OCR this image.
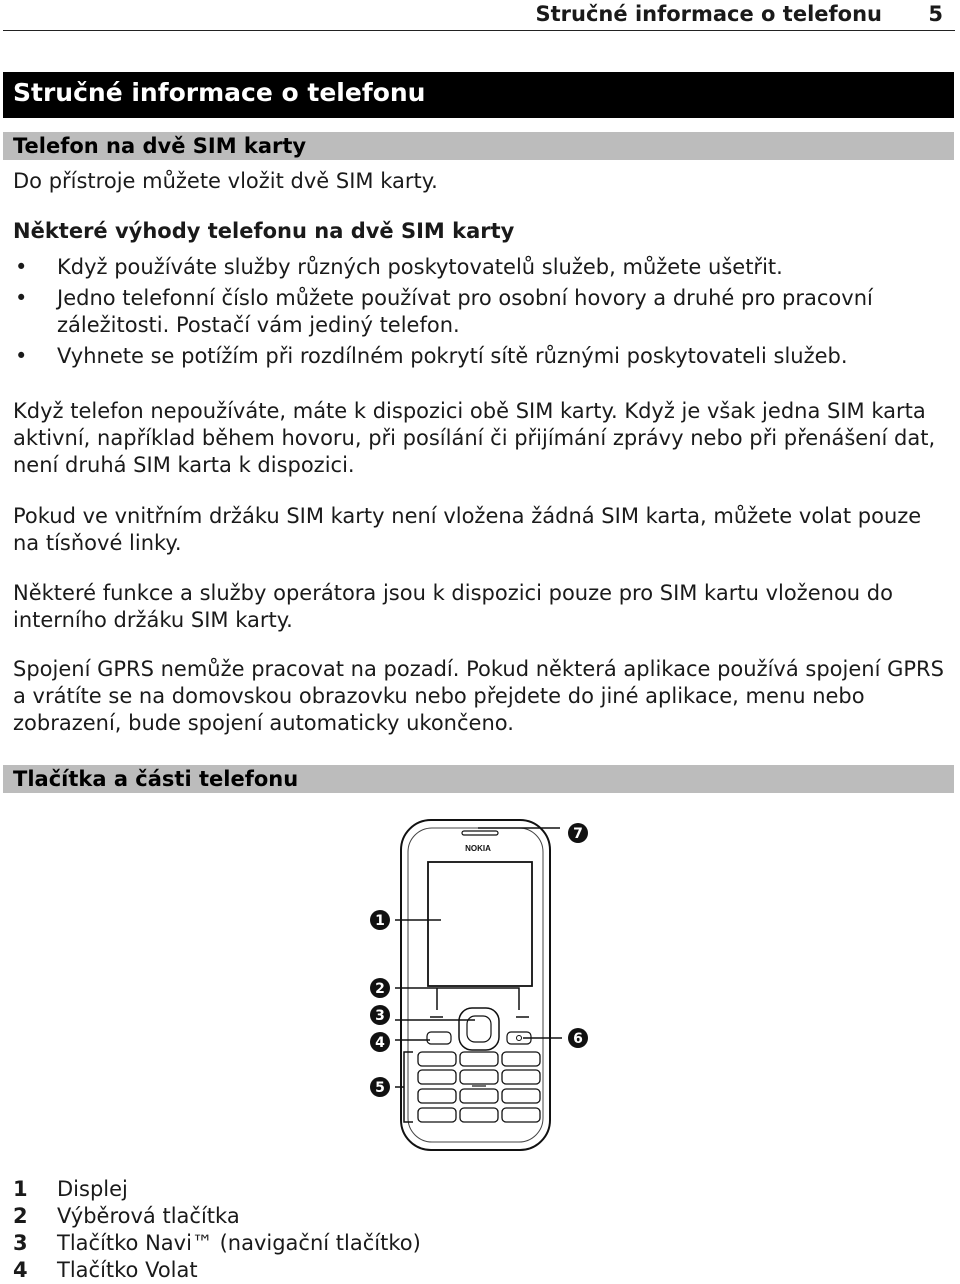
Stručné informace o telefonu 5
Stručné informace o telefonu
Telefon na dvě SIM karty

Do přístroje můžete vložit dvě SIM karty.

Některé výhody telefonu na dvě SIM karty

• Když používáte služby různých poskytovatelů služeb, můžete ušetřit.
• Jedno telefonní číslo můžete používat pro osobní hovory a druhé pro pracovní záležitosti. Postačí vám jediný telefon.
• Vyhnete se potížím při rozdílném pokrytí sítě různými poskytovateli služeb.

Když telefon nepoužíváte, máte k dispozici obě SIM karty. Když je však jedna SIM karta aktivní, například během hovoru, při posílání či přijímání zprávy nebo při přenášení dat, není druhá SIM karta k dispozici.

Pokud ve vnitřním držáku SIM karty není vložena žádná SIM karta, můžete volat pouze na tísňové linky.

Některé funkce a služby operátora jsou k dispozici pouze pro SIM kartu vloženou do interního držáku SIM karty.

Spojení GPRS nemůže pracovat na pozadí. Pokud některá aplikace používá spojení GPRS a vrátíte se na domovskou obrazovku nebo přejdete do jiné aplikace, menu nebo zobrazení, bude spojení automaticky ukončeno.

Tlačítka a části telefonu
NOKIA
7
1
2
3
4
5
6
1 Displej
2 Výběrová tlačítka
3 Tlačítko Navi™ (navigační tlačítko)
4 Tlačítko Volat
